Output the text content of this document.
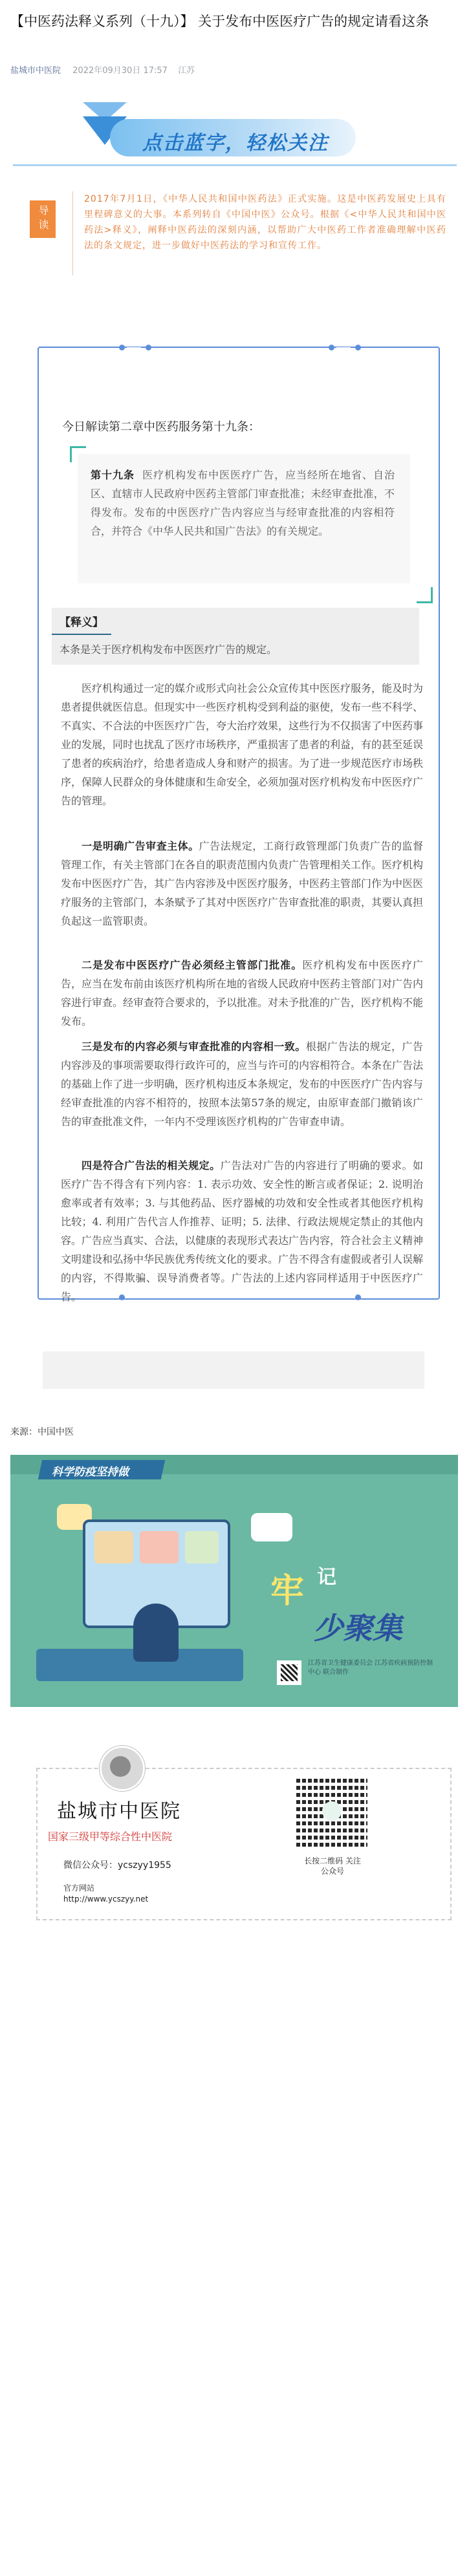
【中医药法释义系列（十九）】 关于发布中医医疗广告的规定请看这条
盐城市中医院 2022年09月30日 17:57 江苏
点击蓝字，轻松关注
导读
2017年7月1日，《中华人民共和国中医药法》正式实施。这是中医药发展史上具有里程碑意义的大事。本系列转自《中国中医》公众号。根据《<中华人民共和国中医药法>释义》，阐释中医药法的深刻内涵，以帮助广大中医药工作者准确理解中医药法的条文规定，进一步做好中医药法的学习和宣传工作。
今日解读第二章中医药服务第十九条：
第十九条 医疗机构发布中医医疗广告，应当经所在地省、自治区、直辖市人民政府中医药主管部门审查批准；未经审查批准，不得发布。发布的中医医疗广告内容应当与经审查批准的内容相符合，并符合《中华人民共和国广告法》的有关规定。
【释义】
本条是关于医疗机构发布中医医疗广告的规定。

医疗机构通过一定的媒介或形式向社会公众宣传其中医医疗服务，能及时为患者提供就医信息。但现实中一些医疗机构受到利益的驱使，发布一些不科学、不真实、不合法的中医医疗广告，夸大治疗效果，这些行为不仅损害了中医药事业的发展，同时也扰乱了医疗市场秩序，严重损害了患者的利益，有的甚至延误了患者的疾病治疗，给患者造成人身和财产的损害。为了进一步规范医疗市场秩序，保障人民群众的身体健康和生命安全，必须加强对医疗机构发布中医医疗广告的管理。

一是明确广告审查主体。广告法规定，工商行政管理部门负责广告的监督管理工作，有关主管部门在各自的职责范围内负责广告管理相关工作。医疗机构发布中医医疗广告，其广告内容涉及中医医疗服务，中医药主管部门作为中医医疗服务的主管部门，本条赋予了其对中医医疗广告审查批准的职责，其要认真担负起这一监管职责。

二是发布中医医疗广告必须经主管部门批准。医疗机构发布中医医疗广告，应当在发布前由该医疗机构所在地的省级人民政府中医药主管部门对广告内容进行审查。经审查符合要求的，予以批准。对未予批准的广告，医疗机构不能发布。

三是发布的内容必须与审查批准的内容相一致。根据广告法的规定，广告内容涉及的事项需要取得行政许可的，应当与许可的内容相符合。本条在广告法的基础上作了进一步明确，医疗机构违反本条规定，发布的中医医疗广告内容与经审查批准的内容不相符的，按照本法第57条的规定，由原审查部门撤销该广告的审查批准文件，一年内不受理该医疗机构的广告审查申请。

四是符合广告法的相关规定。广告法对广告的内容进行了明确的要求。如医疗广告不得含有下列内容：1. 表示功效、安全性的断言或者保证；2. 说明治愈率或者有效率；3. 与其他药品、医疗器械的功效和安全性或者其他医疗机构比较；4. 利用广告代言人作推荐、证明；5. 法律、行政法规规定禁止的其他内容。广告应当真实、合法，以健康的表现形式表达广告内容，符合社会主义精神文明建设和弘扬中华民族优秀传统文化的要求。广告不得含有虚假或者引人误解的内容，不得欺骗、误导消费者等。广告法的上述内容同样适用于中医医疗广告。

来源：中国中医
科学防疫坚持做
牢 记
少聚集
江苏省卫生健康委员会 江苏省疾病预防控制中心 联合制作
盐城市中医院
国家三级甲等综合性中医院
微信公众号：ycszyy1955
官方网站
http://www.ycszyy.net
长按二维码 关注公众号
